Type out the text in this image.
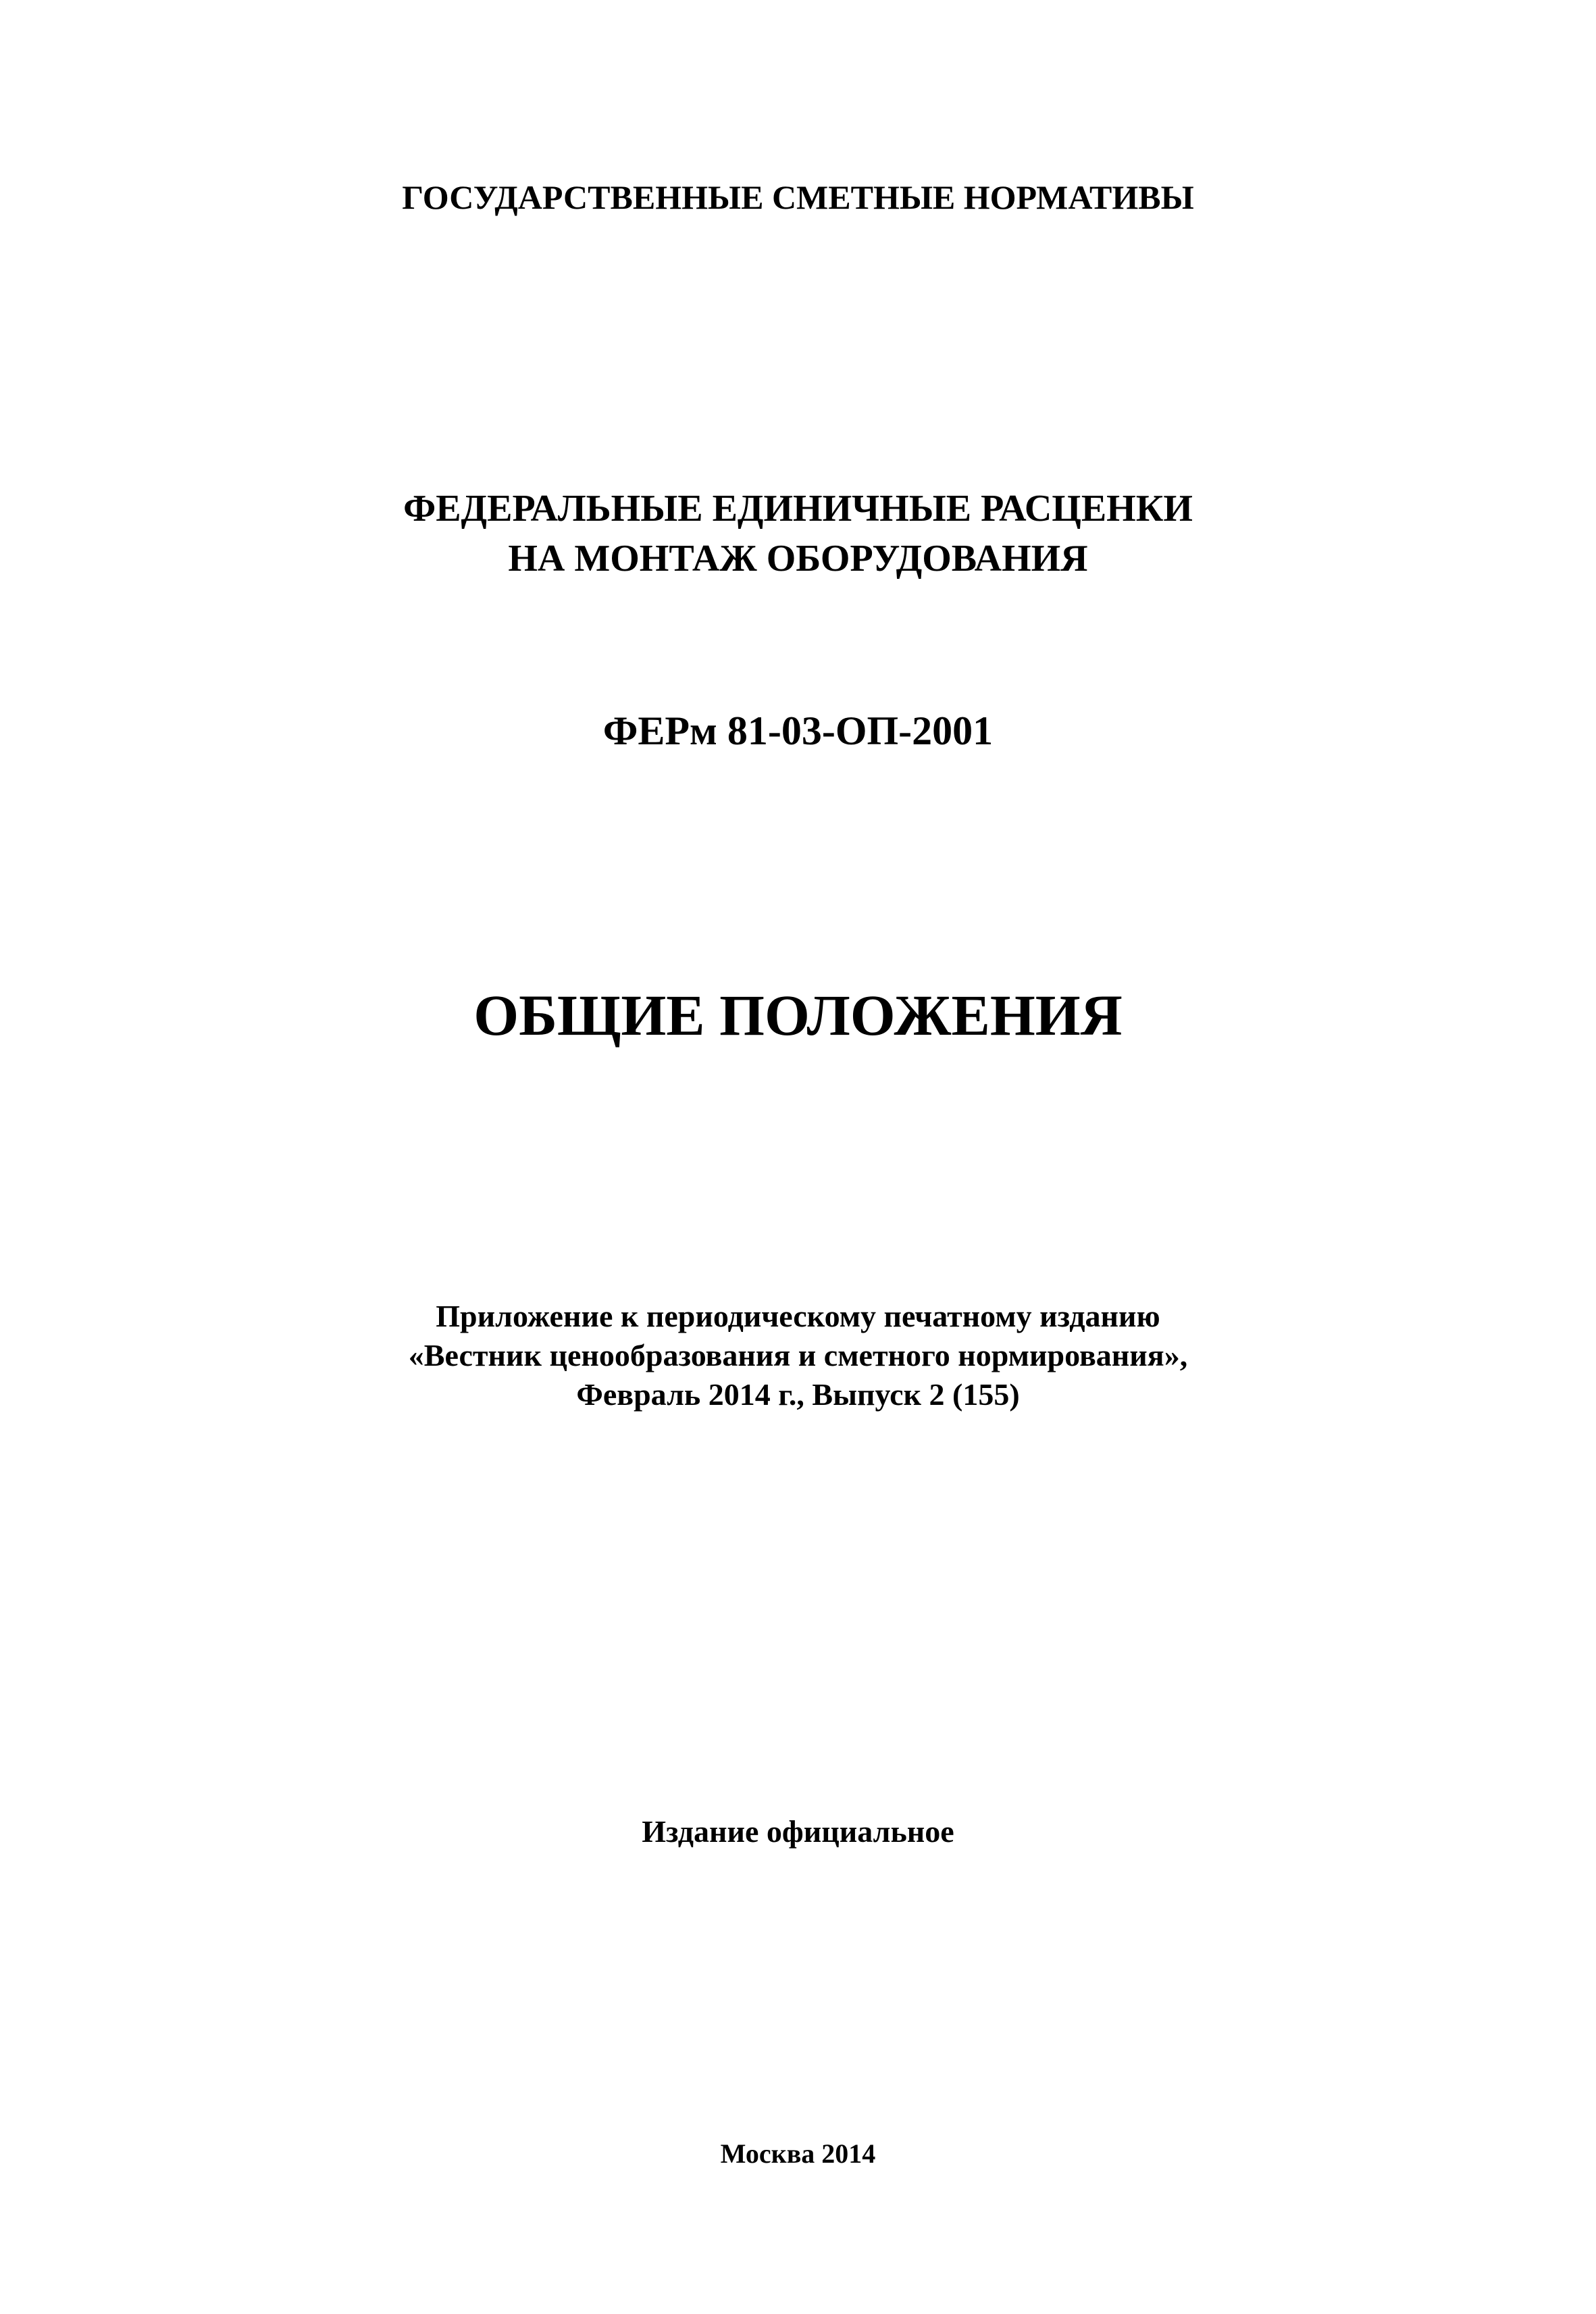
ГОСУДАРСТВЕННЫЕ СМЕТНЫЕ НОРМАТИВЫ

ФЕДЕРАЛЬНЫЕ ЕДИНИЧНЫЕ РАСЦЕНКИ
НА МОНТАЖ ОБОРУДОВАНИЯ

ФЕРм 81-03-ОП-2001

ОБЩИЕ ПОЛОЖЕНИЯ

Приложение к периодическому печатному изданию
«Вестник ценообразования и сметного нормирования»,
Февраль 2014 г., Выпуск 2 (155)

Издание официальное

Москва 2014
